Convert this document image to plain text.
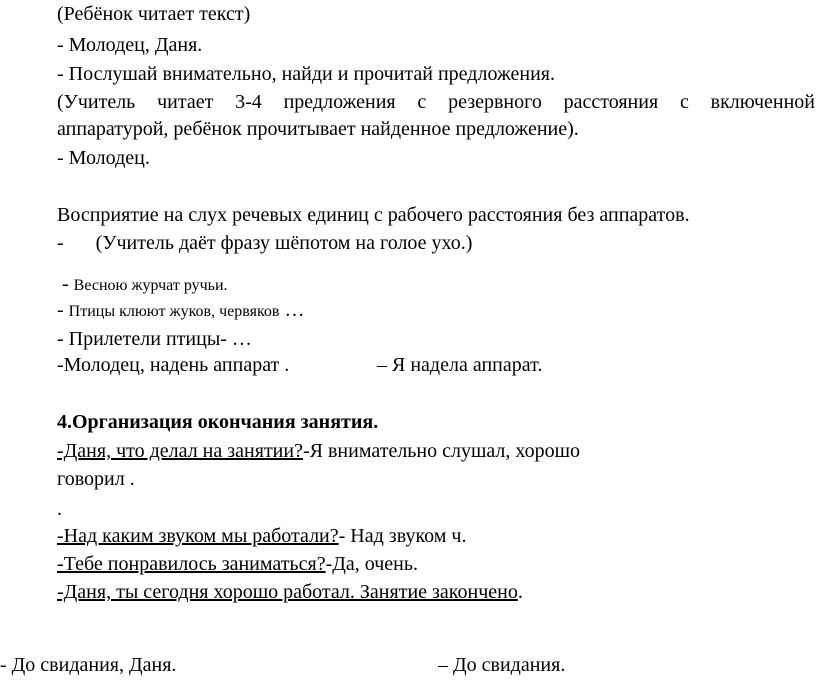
(Ребёнок читает текст)
- Молодец, Даня.
- Послушай внимательно, найди и прочитай предложения.
(Учитель читает 3-4 предложения с резервного расстояния с включенной
аппаратурой, ребёнок прочитывает найденное предложение).
- Молодец.
Восприятие на слух речевых единиц с рабочего расстояния без аппаратов.
- (Учитель даёт фразу шёпотом на голое ухо.)
- Весною журчат ручьи.
- Птицы клюют жуков, червяков …
- Прилетели птицы- …
-Молодец, надень аппарат .	– Я надела аппарат.
4.Организация окончания занятия.
-Даня, что делал на занятии?-Я внимательно слушал, хорошо
говорил .
.
-Над каким звуком мы работали?- Над звуком ч.
-Тебе понравилось заниматься?-Да, очень.
-Даня, ты сегодня хорошо работал. Занятие закончено.
- До свидания, Даня.	– До свидания.
